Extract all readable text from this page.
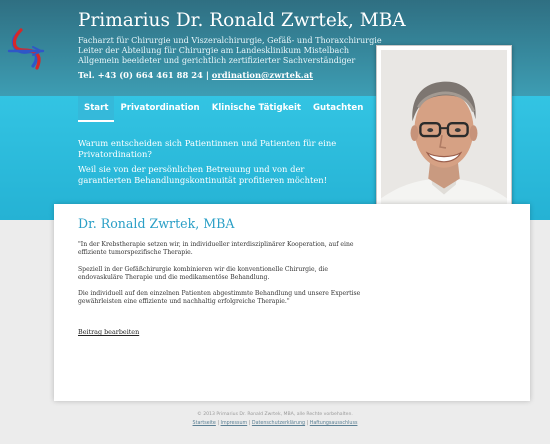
Primarius Dr. Ronald Zwrtek, MBA
Facharzt für Chirurgie und Viszeralchirurgie, Gefäß- und Thoraxchirurgie
Leiter der Abteilung für Chirurgie am Landesklinikum Mistelbach
Allgemein beeideter und gerichtlich zertifizierter Sachverständiger
Tel. +43 (0) 664 461 88 24 | ordination@zwrtek.at
Start	Privatordination	Klinische Tätigkeit	Gutachten

Warum entscheiden sich Patientinnen und Patienten für eine Privatordination?

Weil sie von der persönlichen Betreuung und von der garantierten Behandlungskontinuität profitieren möchten!

Dr. Ronald Zwrtek, MBA

"In der Krebstherapie setzen wir, in individueller interdisziplinärer Kooperation, auf eine effiziente tumorspezifische Therapie.

Speziell in der Gefäßchirurgie kombinieren wir die konventionelle Chirurgie, die endovaskuläre Therapie und die medikamentöse Behandlung.

Die individuell auf den einzelnen Patienten abgestimmte Behandlung und unsere Expertise gewährleisten eine effiziente und nachhaltig erfolgreiche Therapie."

Beitrag bearbeiten
© 2013 Primarius Dr. Ronald Zwrtek, MBA, alle Rechte vorbehalten.
Startseite | Impressum | Datenschutzerklärung | Haftungsausschluss
